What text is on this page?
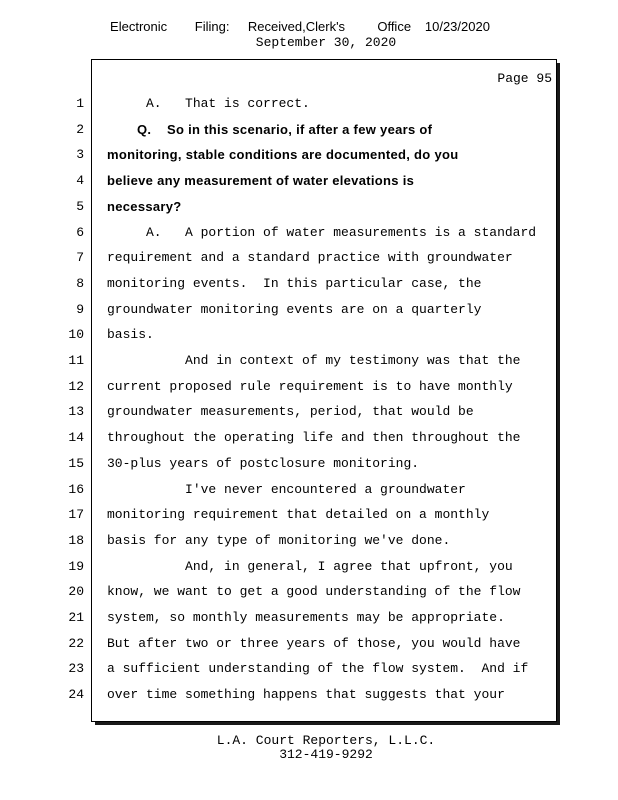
Electronic      Filing:    Received,Clerk's       Office   10/23/2020
September 30, 2020
Page 95
1 A.   That is correct.
2	Q.    So in this scenario, if after a few years of
3 monitoring, stable conditions are documented, do you
4 believe any measurement of water elevations is
5 necessary?
6 A.   A portion of water measurements is a standard
7 requirement and a standard practice with groundwater
8 monitoring events.  In this particular case, the
9 groundwater monitoring events are on a quarterly
10 basis.
11 And in context of my testimony was that the
12 current proposed rule requirement is to have monthly
13 groundwater measurements, period, that would be
14 throughout the operating life and then throughout the
15 30-plus years of postclosure monitoring.
16 I've never encountered a groundwater
17 monitoring requirement that detailed on a monthly
18 basis for any type of monitoring we've done.
19 And, in general, I agree that upfront, you
20 know, we want to get a good understanding of the flow
21 system, so monthly measurements may be appropriate.
22 But after two or three years of those, you would have
23 a sufficient understanding of the flow system.  And if
24 over time something happens that suggests that your
L.A. Court Reporters, L.L.C.
312-419-9292
